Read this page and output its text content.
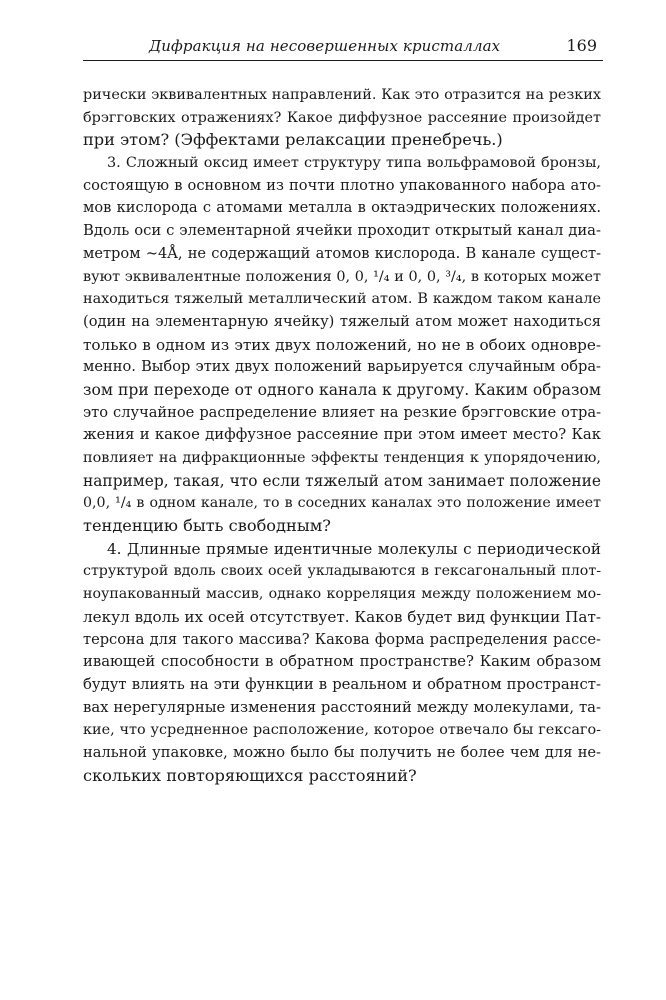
Дифракция на несовершенных кристаллах	169
рически эквивалентных направлений. Как это отразится на резких
брэгговских отражениях? Какое диффузное рассеяние произойдет
при этом? (Эффектами релаксации пренебречь.)
3. Сложный оксид имеет структуру типа вольфрамовой бронзы,
состоящую в основном из почти плотно упакованного набора ато-
мов кислорода с атомами металла в октаэдрических положениях.
Вдоль оси c элементарной ячейки проходит открытый канал диа-
метром ~4Å, не содержащий атомов кислорода. В канале сущест-
вуют эквивалентные положения 0, 0, ¹/₄ и 0, 0, ³/₄, в которых может
находиться тяжелый металлический атом. В каждом таком канале
(один на элементарную ячейку) тяжелый атом может находиться
только в одном из этих двух положений, но не в обоих одновре-
менно. Выбор этих двух положений варьируется случайным обра-
зом при переходе от одного канала к другому. Каким образом
это случайное распределение влияет на резкие брэгговские отра-
жения и какое диффузное рассеяние при этом имеет место? Как
повлияет на дифракционные эффекты тенденция к упорядочению,
например, такая, что если тяжелый атом занимает положение
0,0, ¹/₄ в одном канале, то в соседних каналах это положение имеет
тенденцию быть свободным?
4. Длинные прямые идентичные молекулы с периодической
структурой вдоль своих осей укладываются в гексагональный плот-
ноупакованный массив, однако корреляция между положением мо-
лекул вдоль их осей отсутствует. Каков будет вид функции Пат-
терсона для такого массива? Какова форма распределения рассе-
ивающей способности в обратном пространстве? Каким образом
будут влиять на эти функции в реальном и обратном пространст-
вах нерегулярные изменения расстояний между молекулами, та-
кие, что усредненное расположение, которое отвечало бы гексаго-
нальной упаковке, можно было бы получить не более чем для не-
скольких повторяющихся расстояний?
